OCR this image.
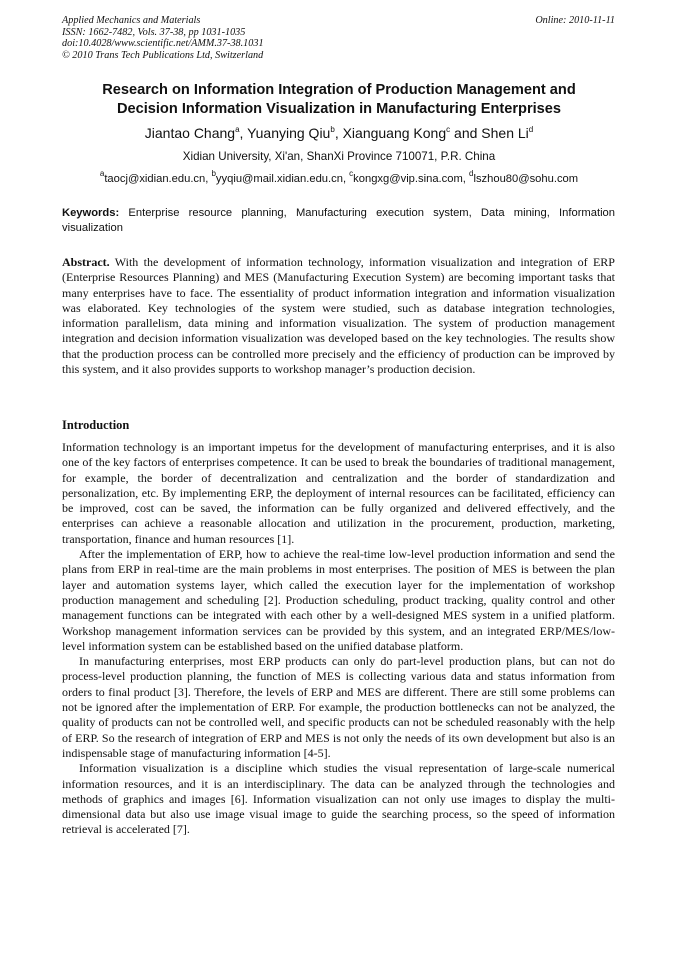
Applied Mechanics and Materials
ISSN: 1662-7482, Vols. 37-38, pp 1031-1035
doi:10.4028/www.scientific.net/AMM.37-38.1031
© 2010 Trans Tech Publications Ltd, Switzerland
Online: 2010-11-11
Research on Information Integration of Production Management and
Decision Information Visualization in Manufacturing Enterprises
Jiantao Chang$^a$, Yuanying Qiu$^b$, Xianguang Kong$^c$ and Shen Li$^d$
Xidian University, Xi'an, ShanXi Province 710071, P.R. China
$^a$taocj@xidian.edu.cn, $^b$yyqiu@mail.xidian.edu.cn, $^c$kongxg@vip.sina.com, $^d$lszhou80@sohu.com
Keywords: Enterprise resource planning, Manufacturing execution system, Data mining, Information visualization
Abstract. With the development of information technology, information visualization and integration of ERP (Enterprise Resources Planning) and MES (Manufacturing Execution System) are becoming important tasks that many enterprises have to face. The essentiality of product information integration and information visualization was elaborated. Key technologies of the system were studied, such as database integration technologies, information parallelism, data mining and information visualization. The system of production management integration and decision information visualization was developed based on the key technologies. The results show that the production process can be controlled more precisely and the efficiency of production can be improved by this system, and it also provides supports to workshop manager’s production decision.
Introduction

Information technology is an important impetus for the development of manufacturing enterprises, and it is also one of the key factors of enterprises competence. It can be used to break the boundaries of traditional management, for example, the border of decentralization and centralization and the border of standardization and personalization, etc. By implementing ERP, the deployment of internal resources can be facilitated, efficiency can be improved, cost can be saved, the information can be fully organized and delivered effectively, and the enterprises can achieve a reasonable allocation and utilization in the procurement, production, marketing, transportation, finance and human resources [1].

After the implementation of ERP, how to achieve the real-time low-level production information and send the plans from ERP in real-time are the main problems in most enterprises. The position of MES is between the plan layer and automation systems layer, which called the execution layer for the implementation of workshop production management and scheduling [2]. Production scheduling, product tracking, quality control and other management functions can be integrated with each other by a well-designed MES system in a unified platform. Workshop management information services can be provided by this system, and an integrated ERP/MES/low-level information system can be established based on the unified database platform.

In manufacturing enterprises, most ERP products can only do part-level production plans, but can not do process-level production planning, the function of MES is collecting various data and status information from orders to final product [3]. Therefore, the levels of ERP and MES are different. There are still some problems can not be ignored after the implementation of ERP. For example, the production bottlenecks can not be analyzed, the quality of products can not be controlled well, and specific products can not be scheduled reasonably with the help of ERP. So the research of integration of ERP and MES is not only the needs of its own development but also is an indispensable stage of manufacturing information [4-5].

Information visualization is a discipline which studies the visual representation of large-scale numerical information resources, and it is an interdisciplinary. The data can be analyzed through the technologies and methods of graphics and images [6]. Information visualization can not only use images to display the multi-dimensional data but also use image visual image to guide the searching process, so the speed of information retrieval is accelerated [7].
